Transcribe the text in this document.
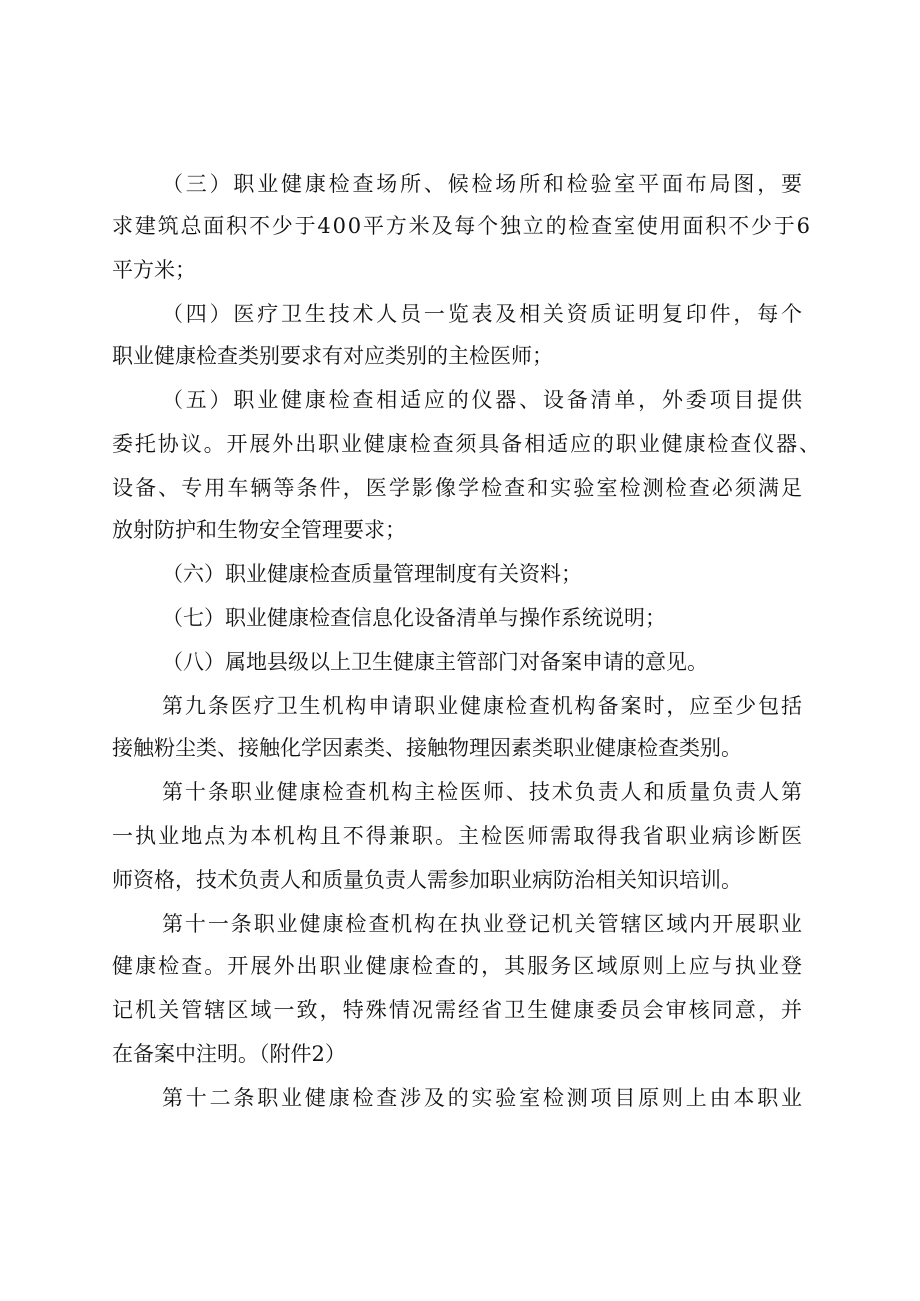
（三）职业健康检查场所、候检场所和检验室平面布局图，要
求建筑总面积不少于400平方米及每个独立的检查室使用面积不少于6
平方米；
（四）医疗卫生技术人员一览表及相关资质证明复印件，每个
职业健康检查类别要求有对应类别的主检医师；
（五）职业健康检查相适应的仪器、设备清单，外委项目提供
委托协议。开展外出职业健康检查须具备相适应的职业健康检查仪器、
设备、专用车辆等条件，医学影像学检查和实验室检测检查必须满足
放射防护和生物安全管理要求；
（六）职业健康检查质量管理制度有关资料；
（七）职业健康检查信息化设备清单与操作系统说明；
（八）属地县级以上卫生健康主管部门对备案申请的意见。
第九条医疗卫生机构申请职业健康检查机构备案时，应至少包括
接触粉尘类、接触化学因素类、接触物理因素类职业健康检查类别。
第十条职业健康检查机构主检医师、技术负责人和质量负责人第
一执业地点为本机构且不得兼职。主检医师需取得我省职业病诊断医
师资格，技术负责人和质量负责人需参加职业病防治相关知识培训。
第十一条职业健康检查机构在执业登记机关管辖区域内开展职业
健康检查。开展外出职业健康检查的，其服务区域原则上应与执业登
记机关管辖区域一致，特殊情况需经省卫生健康委员会审核同意，并
在备案中注明。（附件2）
第十二条职业健康检查涉及的实验室检测项目原则上由本职业
